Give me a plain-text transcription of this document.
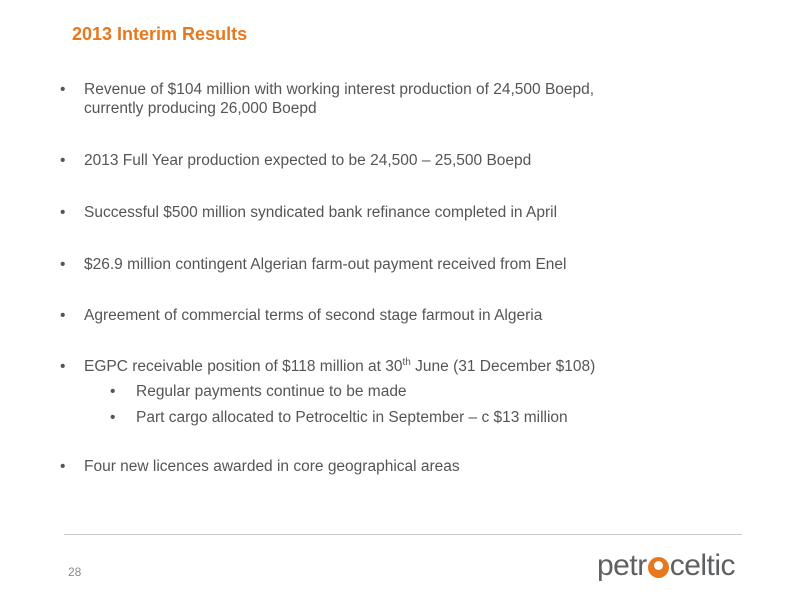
2013 Interim Results
•	Revenue of $104 million with working interest production of 24,500 Boepd,
currently producing 26,000 Boepd
•	2013 Full Year production expected to be 24,500 – 25,500 Boepd
•	Successful $500 million syndicated bank refinance completed in April
•	$26.9 million contingent Algerian farm-out payment received from Enel
•	Agreement of commercial terms of second stage farmout in Algeria
•	EGPC receivable position of $118 million at 30th June (31 December $108)
•	Regular payments continue to be made
•	Part cargo allocated to Petroceltic in September – c $13 million
•	Four new licences awarded in core geographical areas
28	petr celtic
